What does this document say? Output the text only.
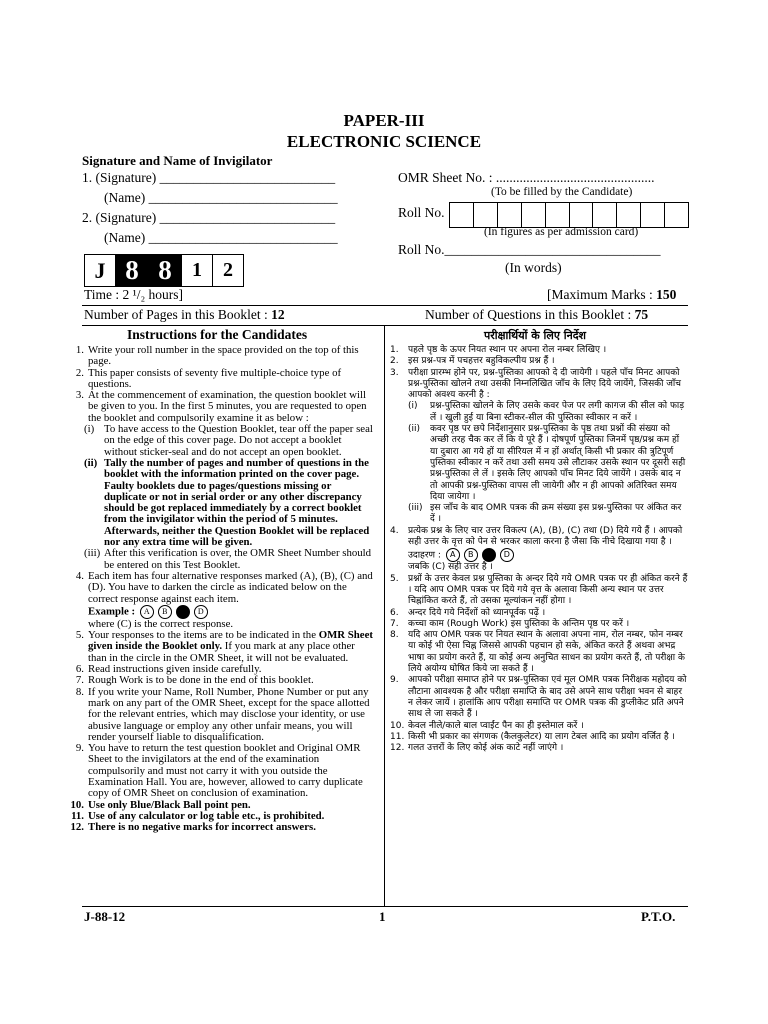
PAPER-III
ELECTRONIC SCIENCE
Signature and Name of Invigilator
1. (Signature) __________________________
(Name) ____________________________
2. (Signature) __________________________
(Name) ____________________________
OMR Sheet No. : ...............................................
(To be filled by the Candidate)
Roll No.
(In figures as per admission card)
Roll No.________________________________
(In words)
J 8 8	1	2
Time : 2 ¹/₂ hours]	[Maximum Marks : 150
Number of Pages in this Booklet : 12	Number of Questions in this Booklet : 75
Instructions for the Candidates
1. Write your roll number in the space provided on the top of this page.
2. This paper consists of seventy five multiple-choice type of questions.
3. At the commencement of examination, the question booklet will be given to you. In the first 5 minutes, you are requested to open the booklet and compulsorily examine it as below :
(i) To have access to the Question Booklet, tear off the paper seal on the edge of this cover page. Do not accept a booklet without sticker-seal and do not accept an open booklet.
(ii) Tally the number of pages and number of questions in the booklet with the information printed on the cover page. Faulty booklets due to pages/questions missing or duplicate or not in serial order or any other discrepancy should be got replaced immediately by a correct booklet from the invigilator within the period of 5 minutes. Afterwards, neither the Question Booklet will be replaced nor any extra time will be given.
(iii) After this verification is over, the OMR Sheet Number should be entered on this Test Booklet.
4. Each item has four alternative responses marked (A), (B), (C) and (D). You have to darken the circle as indicated below on the correct response against each item.
Example : A B C D
where (C) is the correct response.
5. Your responses to the items are to be indicated in the OMR Sheet given inside the Booklet only. If you mark at any place other than in the circle in the OMR Sheet, it will not be evaluated.
6. Read instructions given inside carefully.
7. Rough Work is to be done in the end of this booklet.
8. If you write your Name, Roll Number, Phone Number or put any mark on any part of the OMR Sheet, except for the space allotted for the relevant entries, which may disclose your identity, or use abusive language or employ any other unfair means, you will render yourself liable to disqualification.
9. You have to return the test question booklet and Original OMR Sheet to the invigilators at the end of the examination compulsorily and must not carry it with you outside the Examination Hall. You are, however, allowed to carry duplicate copy of OMR Sheet on conclusion of examination.
10. Use only Blue/Black Ball point pen.
11. Use of any calculator or log table etc., is prohibited.
12. There is no negative marks for incorrect answers.
परीक्षार्थियों के लिए निर्देश
1.	पहले पृष्ठ के ऊपर नियत स्थान पर अपना रोल नम्बर लिखिए ।
2.	इस प्रश्न-पत्र में पचहत्तर बहुविकल्पीय प्रश्न हैं ।
3.	परीक्षा प्रारम्भ होने पर, प्रश्न-पुस्तिका आपको दे दी जायेगी । पहले पाँच मिनट आपको प्रश्न-पुस्तिका खोलने तथा उसकी निम्नलिखित जाँच के लिए दिये जायेंगे, जिसकी जाँच आपको अवश्य करनी है :
(i)	प्रश्न-पुस्तिका खोलने के लिए उसके कवर पेज पर लगी कागज की सील को फाड़ लें । खुली हुई या बिना स्टीकर-सील की पुस्तिका स्वीकार न करें ।
(ii)	कवर पृष्ठ पर छपे निर्देशानुसार प्रश्न-पुस्तिका के पृष्ठ तथा प्रश्नों की संख्या को अच्छी तरह चैक कर लें कि ये पूरे हैं । दोषपूर्ण पुस्तिका जिनमें पृष्ठ/प्रश्न कम हों या दुबारा आ गये हों या सीरियल में न हों अर्थात् किसी भी प्रकार की त्रुटिपूर्ण पुस्तिका स्वीकार न करें तथा उसी समय उसे लौटाकर उसके स्थान पर दूसरी सही प्रश्न-पुस्तिका ले लें । इसके लिए आपको पाँच मिनट दिये जायेंगे । उसके बाद न तो आपकी प्रश्न-पुस्तिका वापस ली जायेगी और न ही आपको अतिरिक्त समय दिया जायेगा ।
(iii) इस जाँच के बाद OMR पत्रक की क्रम संख्या इस प्रश्न-पुस्तिका पर अंकित कर दें ।
4.	प्रत्येक प्रश्न के लिए चार उत्तर विकल्प (A), (B), (C) तथा (D) दिये गये हैं । आपको सही उत्तर के वृत्त को पेन से भरकर काला करना है जैसा कि नीचे दिखाया गया है ।
उदाहरण : A B C D
जबकि (C) सही उत्तर है ।
5.	प्रश्नों के उत्तर केवल प्रश्न पुस्तिका के अन्दर दिये गये OMR पत्रक पर ही अंकित करने हैं । यदि आप OMR पत्रक पर दिये गये वृत्त के अलावा किसी अन्य स्थान पर उत्तर चिह्नांकित करते हैं, तो उसका मूल्यांकन नहीं होगा ।
6.	अन्दर दिये गये निर्देशों को ध्यानपूर्वक पढ़ें ।
7.	कच्चा काम (Rough Work) इस पुस्तिका के अन्तिम पृष्ठ पर करें ।
8.	यदि आप OMR पत्रक पर नियत स्थान के अलावा अपना नाम, रोल नम्बर, फोन नम्बर या कोई भी ऐसा चिह्न जिससे आपकी पहचान हो सके, अंकित करते हैं अथवा अभद्र भाषा का प्रयोग करते हैं, या कोई अन्य अनुचित साधन का प्रयोग करते हैं, तो परीक्षा के लिये अयोग्य घोषित किये जा सकते हैं ।
9.	आपको परीक्षा समाप्त होने पर प्रश्न-पुस्तिका एवं मूल OMR पत्रक निरीक्षक महोदय को लौटाना आवश्यक है और परीक्षा समाप्ति के बाद उसे अपने साथ परीक्षा भवन से बाहर न लेकर जायें । हालांकि आप परीक्षा समाप्ति पर OMR पत्रक की डुप्लीकेट प्रति अपने साथ ले जा सकते हैं ।
10. केवल नीले/काले बाल प्वाईंट पैन का ही इस्तेमाल करें ।
11. किसी भी प्रकार का संगणक (कैलकुलेटर) या लाग टेबल आदि का प्रयोग वर्जित है ।
12. गलत उत्तरों के लिए कोई अंक काटे नहीं जाएंगे ।
J-88-12	1	P.T.O.
